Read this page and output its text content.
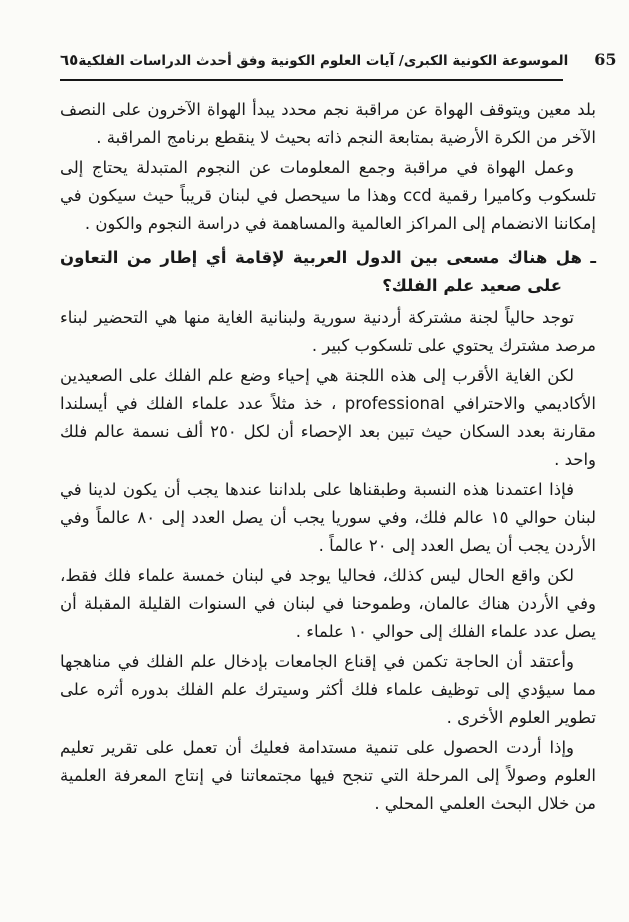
٦٥ الموسوعة الكونية الكبرى/ آيات العلوم الكونية وفق أحدث الدراسات الفلكية 65

بلد معين ويتوقف الهواة عن مراقبة نجم محدد يبدأ الهواة الآخرون على النصف الآخر من الكرة الأرضية بمتابعة النجم ذاته بحيث لا ينقطع برنامج المراقبة .

وعمل الهواة في مراقبة وجمع المعلومات عن النجوم المتبدلة يحتاج إلى تلسكوب وكاميرا رقمية ccd وهذا ما سيحصل في لبنان قريباً حيث سيكون في إمكاننا الانضمام إلى المراكز العالمية والمساهمة في دراسة النجوم والكون .

ـ هل هناك مسعى بين الدول العربية لإقامة أي إطار من التعاون على صعيد علم الفلك؟

توجد حالياً لجنة مشتركة أردنية سورية ولبنانية الغاية منها هي التحضير لبناء مرصد مشترك يحتوي على تلسكوب كبير .

لكن الغاية الأقرب إلى هذه اللجنة هي إحياء وضع علم الفلك على الصعيدين الأكاديمي والاحترافي professional ، خذ مثلاً عدد علماء الفلك في أيسلندا مقارنة بعدد السكان حيث تبين بعد الإحصاء أن لكل ٢٥٠ ألف نسمة عالم فلك واحد .

فإذا اعتمدنا هذه النسبة وطبقناها على بلداننا عندها يجب أن يكون لدينا في لبنان حوالي ١٥ عالم فلك، وفي سوريا يجب أن يصل العدد إلى ٨٠ عالماً وفي الأردن يجب أن يصل العدد إلى ٢٠ عالماً .

لكن واقع الحال ليس كذلك، فحاليا يوجد في لبنان خمسة علماء فلك فقط، وفي الأردن هناك عالمان، وطموحنا في لبنان في السنوات القليلة المقبلة أن يصل عدد علماء الفلك إلى حوالي ١٠ علماء .

وأعتقد أن الحاجة تكمن في إقناع الجامعات بإدخال علم الفلك في مناهجها مما سيؤدي إلى توظيف علماء فلك أكثر وسيترك علم الفلك بدوره أثره على تطوير العلوم الأخرى .

وإذا أردت الحصول على تنمية مستدامة فعليك أن تعمل على تقرير تعليم العلوم وصولاً إلى المرحلة التي تنجح فيها مجتمعاتنا في إنتاج المعرفة العلمية من خلال البحث العلمي المحلي .
